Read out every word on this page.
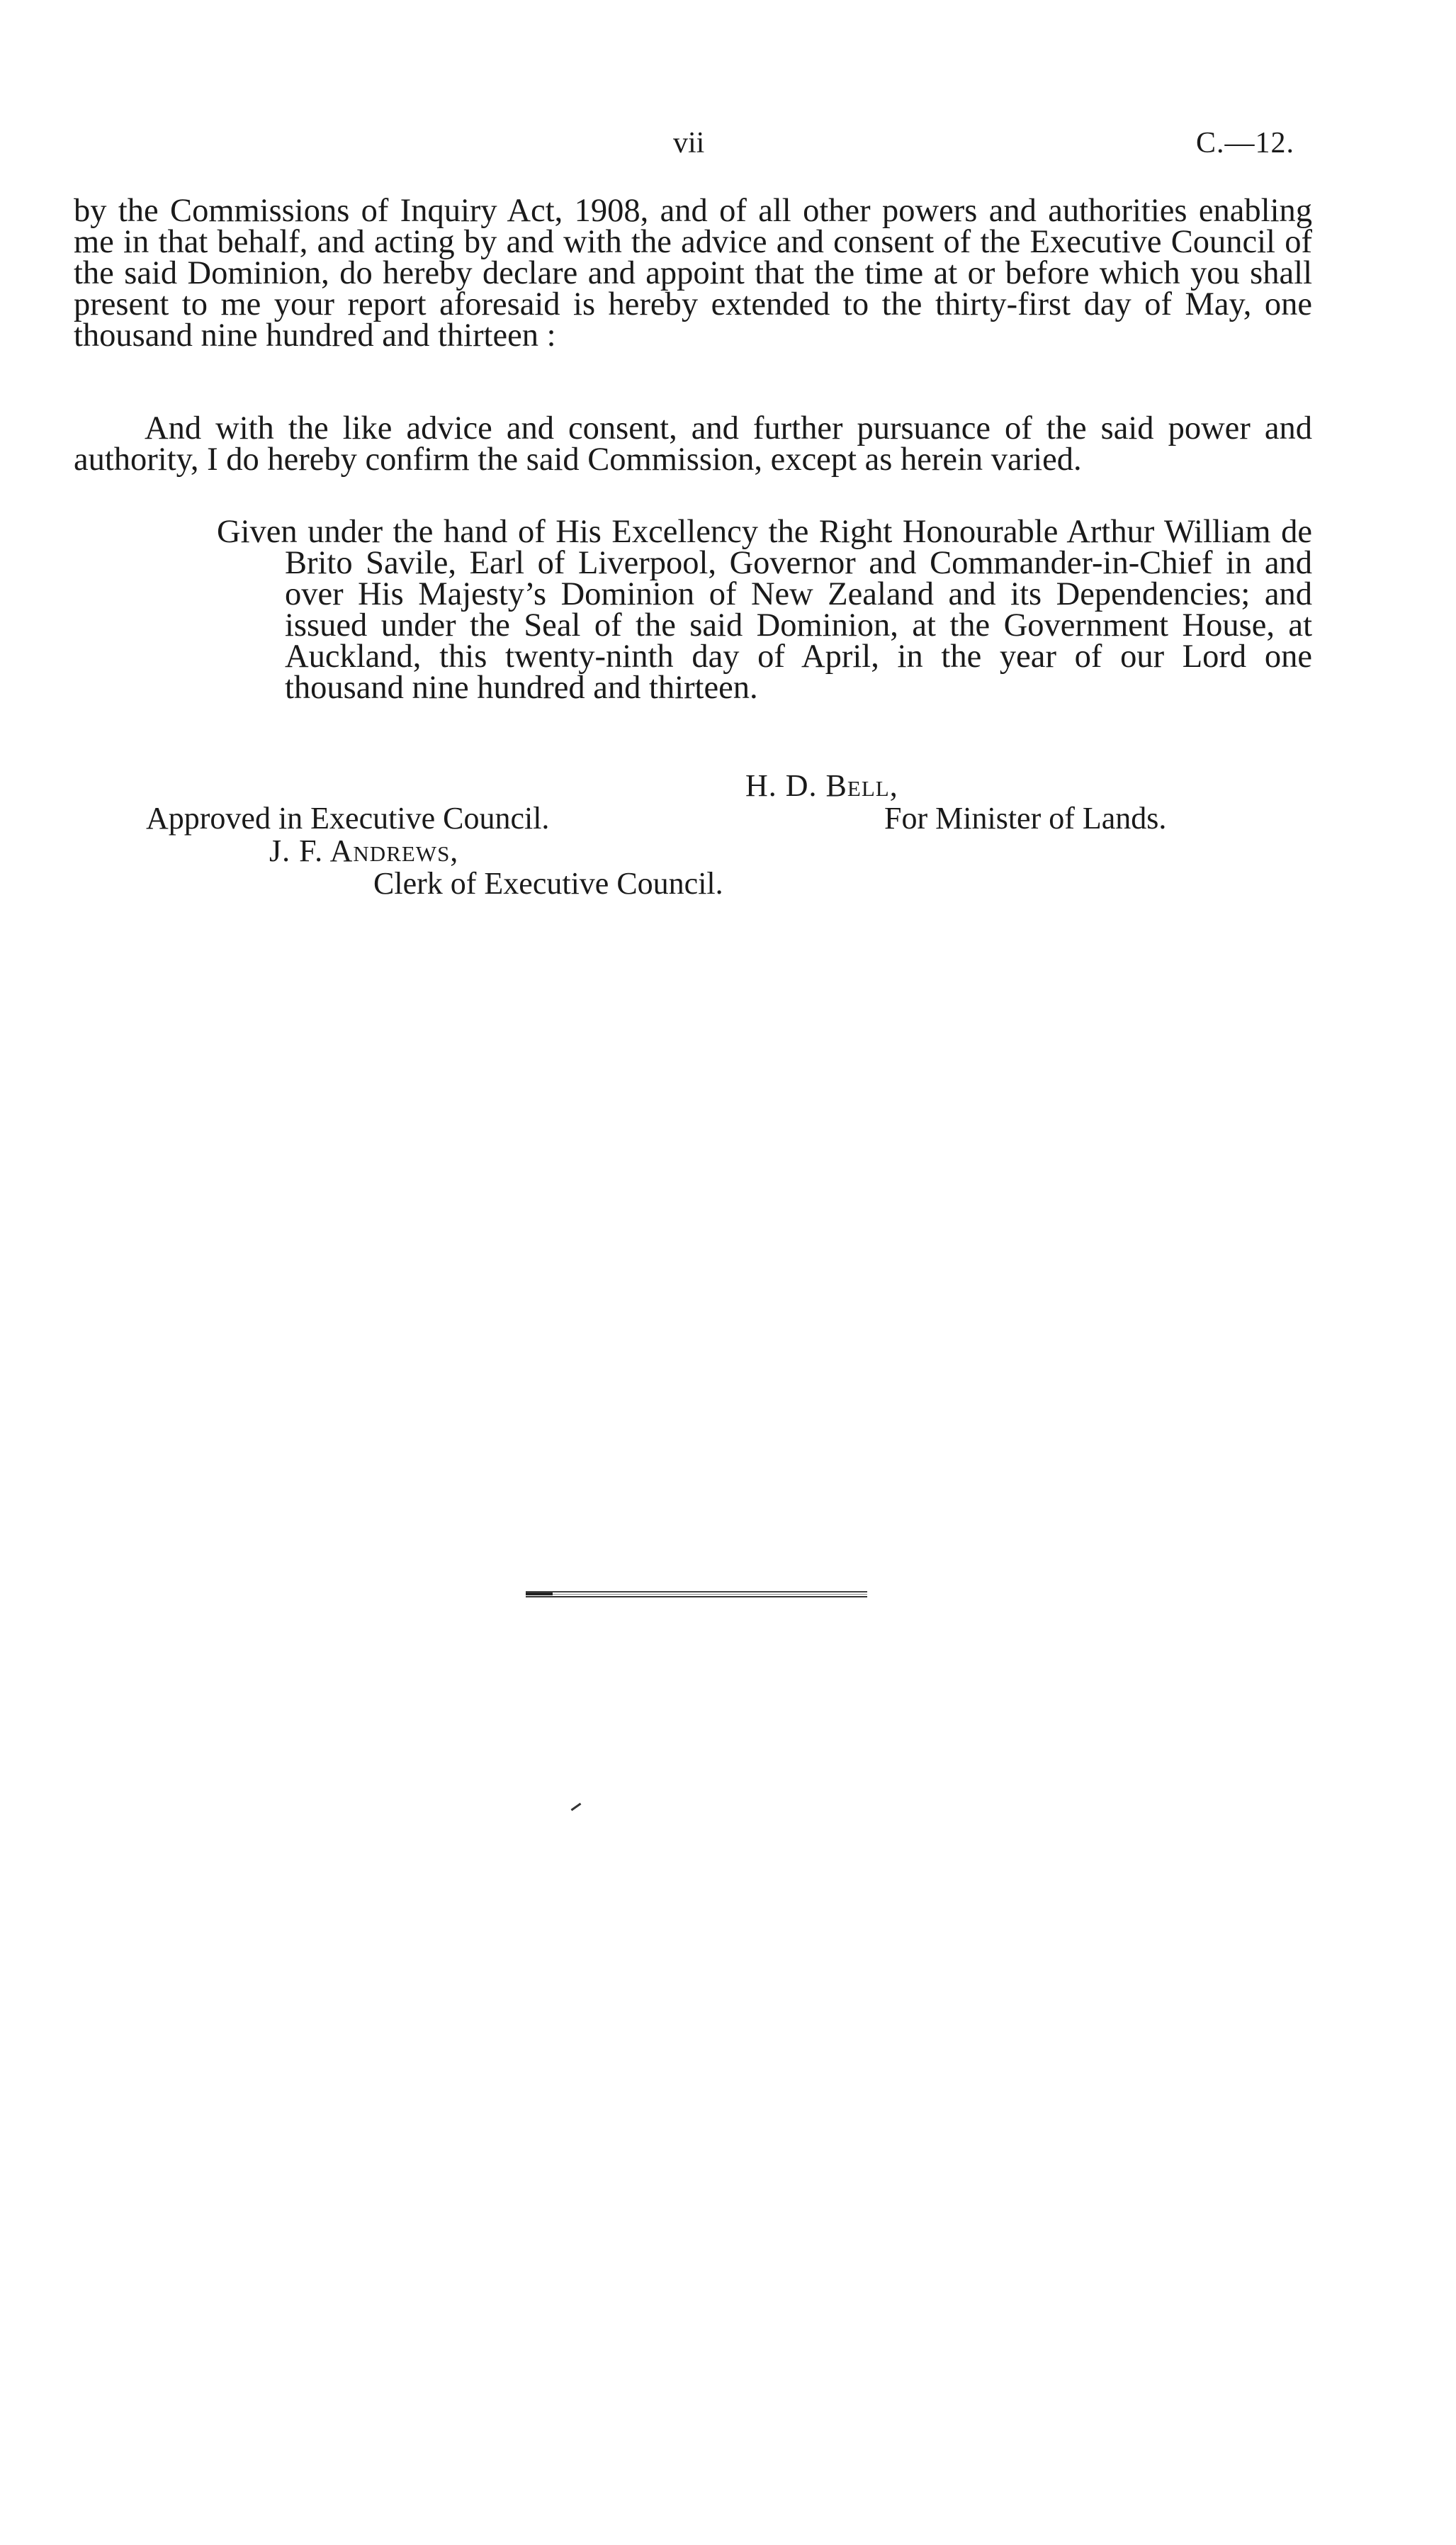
vii	C.—12.

by the Commissions of Inquiry Act, 1908, and of all other powers and authorities enabling me in that behalf, and acting by and with the advice and consent of the Executive Council of the said Dominion, do hereby declare and appoint that the time at or before which you shall present to me your report aforesaid is hereby extended to the thirty-first day of May, one thousand nine hundred and thirteen :

And with the like advice and consent, and further pursuance of the said power and authority, I do hereby confirm the said Commission, except as herein varied.

Given under the hand of His Excellency the Right Honourable Arthur William de Brito Savile, Earl of Liverpool, Governor and Commander-in-Chief in and over His Majesty’s Dominion of New Zealand and its Dependencies; and issued under the Seal of the said Dominion, at the Government House, at Auckland, this twenty-ninth day of April, in the year of our Lord one thousand nine hundred and thirteen.

H. D. Bell,
Approved in Executive Council.	For Minister of Lands.
J. F. Andrews,
Clerk of Executive Council.
